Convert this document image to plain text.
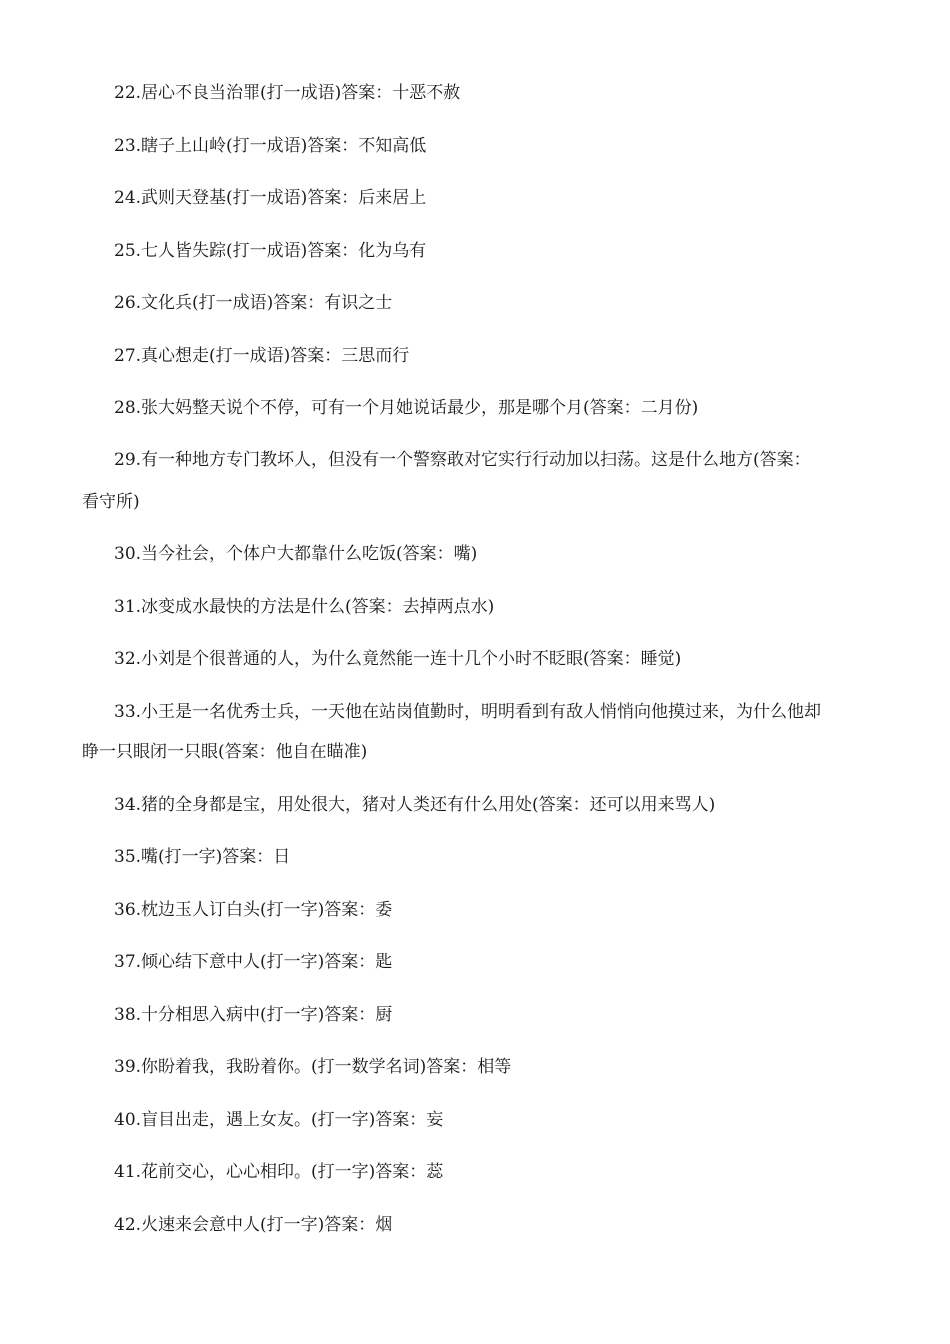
22.居心不良当治罪(打一成语)答案：十恶不赦
23.瞎子上山岭(打一成语)答案：不知高低
24.武则天登基(打一成语)答案：后来居上
25.七人皆失踪(打一成语)答案：化为乌有
26.文化兵(打一成语)答案：有识之士
27.真心想走(打一成语)答案：三思而行
28.张大妈整天说个不停，可有一个月她说话最少，那是哪个月(答案：二月份)
29.有一种地方专门教坏人，但没有一个警察敢对它实行行动加以扫荡。这是什么地方(答案：
看守所)
30.当今社会，个体户大都靠什么吃饭(答案：嘴)
31.冰变成水最快的方法是什么(答案：去掉两点水)
32.小刘是个很普通的人，为什么竟然能一连十几个小时不眨眼(答案：睡觉)
33.小王是一名优秀士兵，一天他在站岗值勤时，明明看到有敌人悄悄向他摸过来，为什么他却
睁一只眼闭一只眼(答案：他自在瞄准)
34.猪的全身都是宝，用处很大，猪对人类还有什么用处(答案：还可以用来骂人)
35.嘴(打一字)答案：日
36.枕边玉人订白头(打一字)答案：委
37.倾心结下意中人(打一字)答案：匙
38.十分相思入病中(打一字)答案：厨
39.你盼着我，我盼着你。(打一数学名词)答案：相等
40.盲目出走，遇上女友。(打一字)答案：妄
41.花前交心，心心相印。(打一字)答案：蕊
42.火速来会意中人(打一字)答案：烟
